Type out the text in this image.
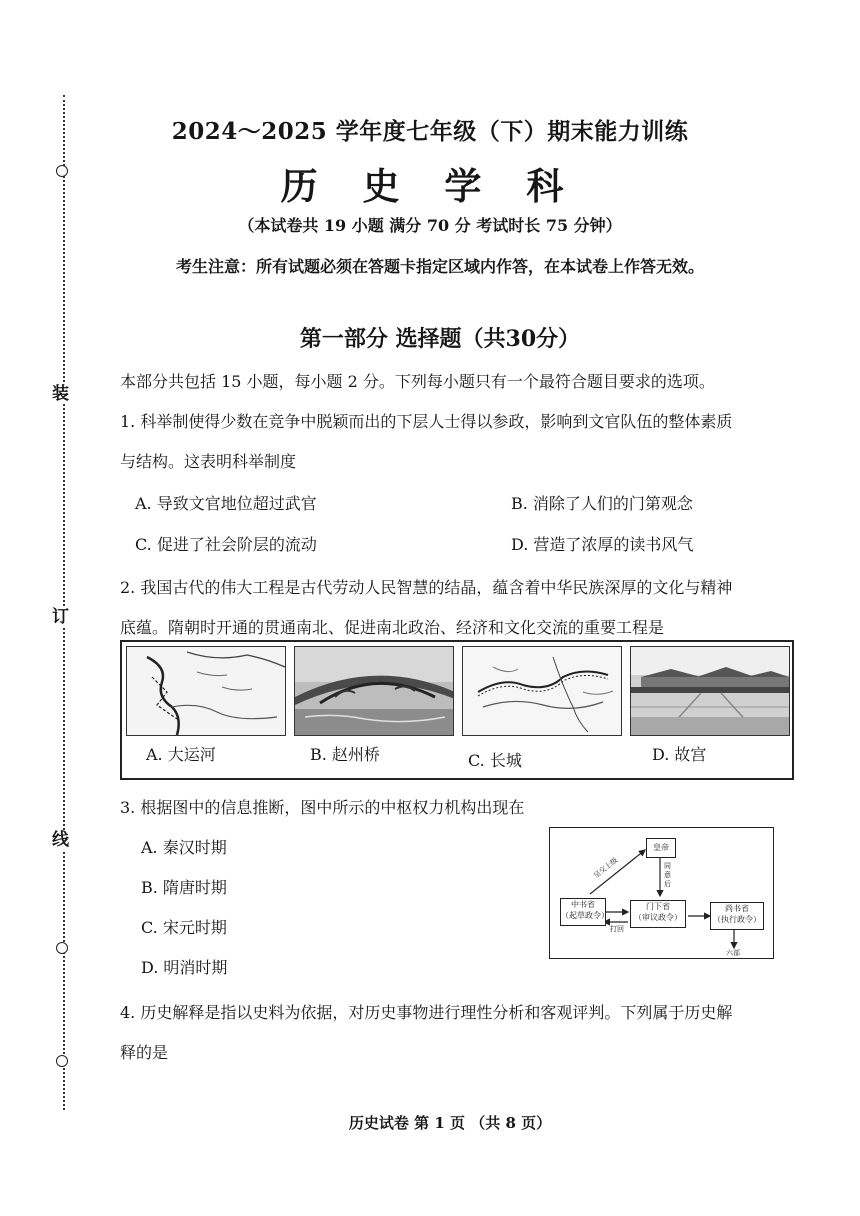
装
订
线
2024～2025 学年度七年级（下）期末能力训练
历 史 学 科
（本试卷共 19 小题 满分 70 分 考试时长 75 分钟）
考生注意：所有试题必须在答题卡指定区域内作答，在本试卷上作答无效。
第一部分 选择题（共30分）
本部分共包括 15 小题，每小题 2 分。下列每小题只有一个最符合题目要求的选项。
1. 科举制使得少数在竞争中脱颖而出的下层人士得以参政，影响到文官队伍的整体素质
与结构。这表明科举制度
A. 导致文官地位超过武官	B. 消除了人们的门第观念
C. 促进了社会阶层的流动	D. 营造了浓厚的读书风气
2. 我国古代的伟大工程是古代劳动人民智慧的结晶，蕴含着中华民族深厚的文化与精神
底蕴。隋朝时开通的贯通南北、促进南北政治、经济和文化交流的重要工程是
A. 大运河	B. 赵州桥	C. 长城	D. 故宫
3. 根据图中的信息推断，图中所示的中枢权力机构出现在
A. 秦汉时期
B. 隋唐时期
C. 宋元时期
D. 明消时期
皇帝
中书省
（起草政令）
门下省
（审议政令）
尚书省
（执行政令）
六部
呈交上级	同意后
打回
4. 历史解释是指以史料为依据，对历史事物进行理性分析和客观评判。下列属于历史解
释的是
历史试卷 第 1 页 （共 8 页）
